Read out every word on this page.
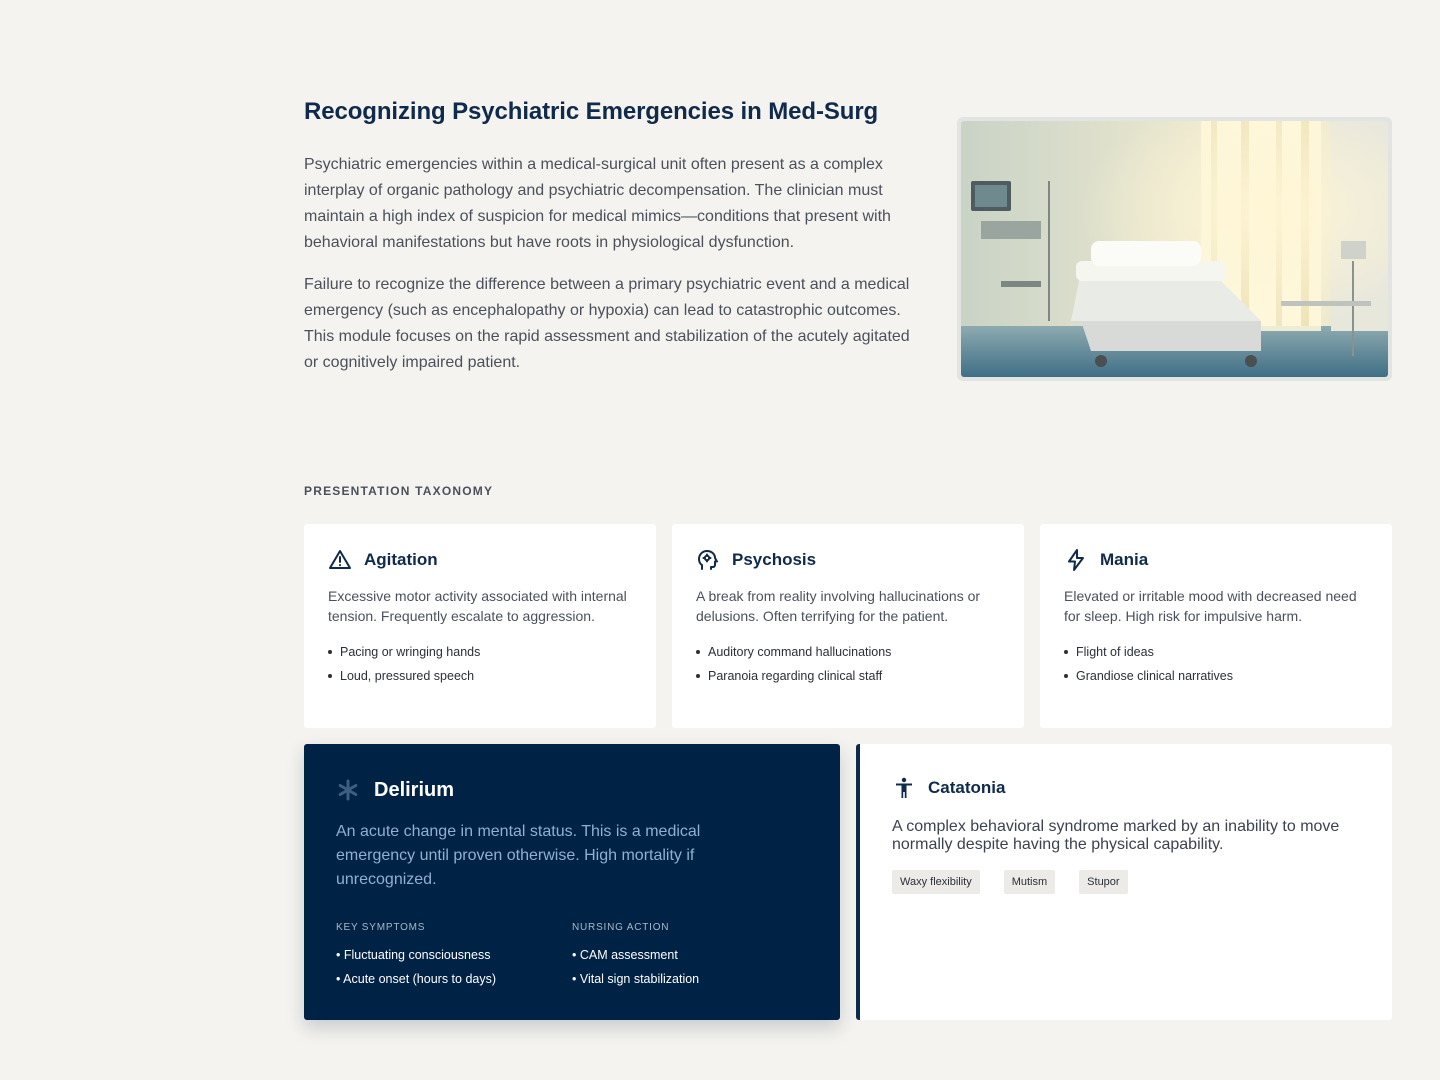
Recognizing Psychiatric Emergencies in Med-Surg

Psychiatric emergencies within a medical-surgical unit often present as a complex interplay of organic pathology and psychiatric decompensation. The clinician must maintain a high index of suspicion for medical mimics—conditions that present with behavioral manifestations but have roots in physiological dysfunction.

Failure to recognize the difference between a primary psychiatric event and a medical emergency (such as encephalopathy or hypoxia) can lead to catastrophic outcomes. This module focuses on the rapid assessment and stabilization of the acutely agitated or cognitively impaired patient.

PRESENTATION TAXONOMY
Agitation

Excessive motor activity associated with internal tension. Frequently escalate to aggression.

Pacing or wringing hands
Loud, pressured speech
Psychosis

A break from reality involving hallucinations or delusions. Often terrifying for the patient.

Auditory command hallucinations
Paranoia regarding clinical staff
Mania

Elevated or irritable mood with decreased need for sleep. High risk for impulsive harm.

Flight of ideas
Grandiose clinical narratives
Delirium

An acute change in mental status. This is a medical emergency until proven otherwise. High mortality if unrecognized.

KEY SYMPTOMS
• Fluctuating consciousness
• Acute onset (hours to days)
NURSING ACTION
• CAM assessment
• Vital sign stabilization
Catatonia

A complex behavioral syndrome marked by an inability to move normally despite having the physical capability.

Waxy flexibility	Mutism	Stupor
